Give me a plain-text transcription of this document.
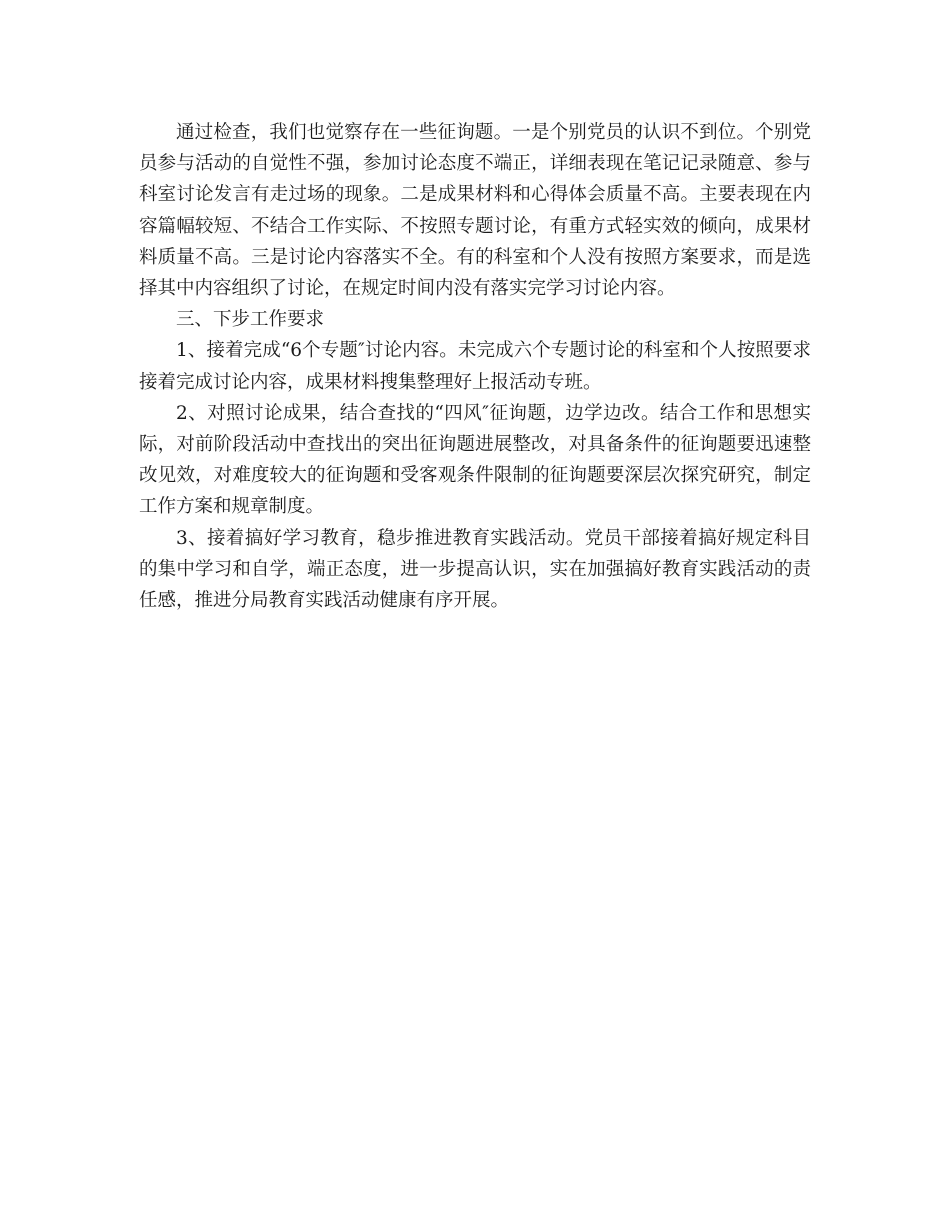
通过检查，我们也觉察存在一些征询题。一是个别党员的认识不到位。个别党员参与活动的自觉性不强，参加讨论态度不端正，详细表现在笔记记录随意、参与科室讨论发言有走过场的现象。二是成果材料和心得体会质量不高。主要表现在内容篇幅较短、不结合工作实际、不按照专题讨论，有重方式轻实效的倾向，成果材料质量不高。三是讨论内容落实不全。有的科室和个人没有按照方案要求，而是选择其中内容组织了讨论，在规定时间内没有落实完学习讨论内容。

三、下步工作要求

1、接着完成“6个专题″讨论内容。未完成六个专题讨论的科室和个人按照要求接着完成讨论内容，成果材料搜集整理好上报活动专班。

2、对照讨论成果，结合查找的“四风″征询题，边学边改。结合工作和思想实际，对前阶段活动中查找出的突出征询题进展整改，对具备条件的征询题要迅速整改见效，对难度较大的征询题和受客观条件限制的征询题要深层次探究研究，制定工作方案和规章制度。

3、接着搞好学习教育，稳步推进教育实践活动。党员干部接着搞好规定科目的集中学习和自学，端正态度，进一步提高认识，实在加强搞好教育实践活动的责任感，推进分局教育实践活动健康有序开展。
